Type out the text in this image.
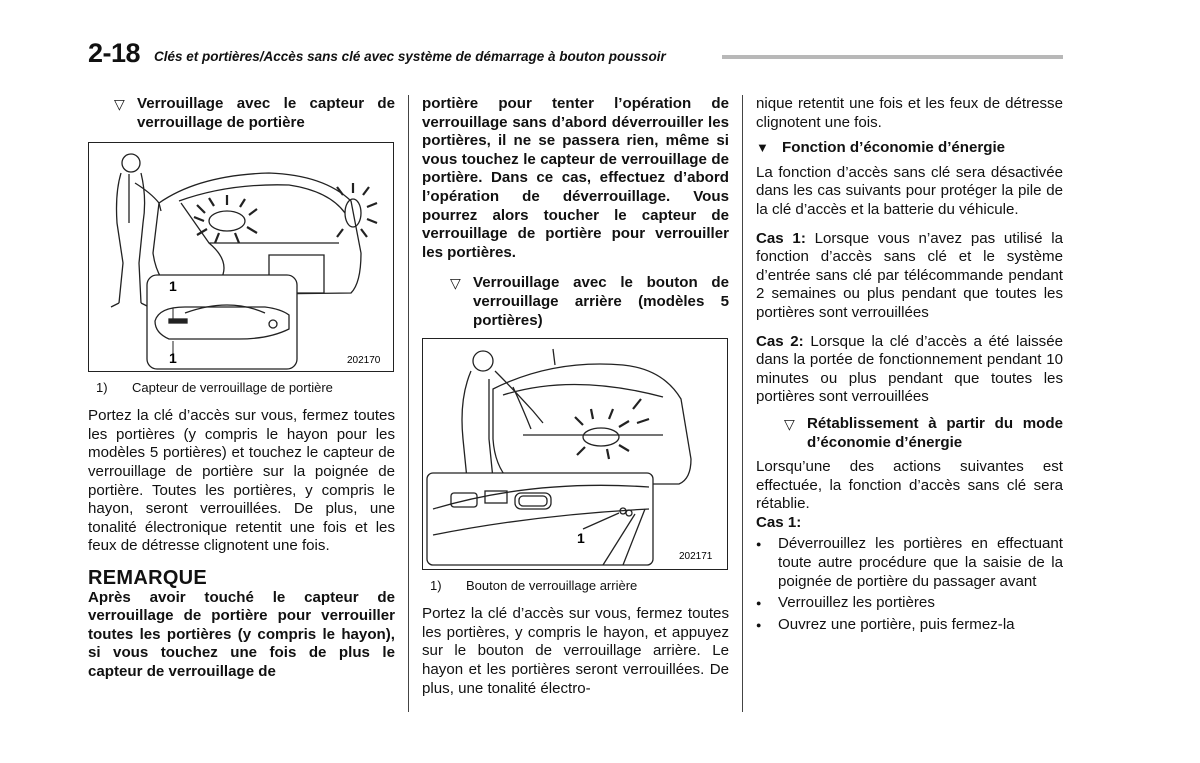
2-18 Clés et portières/Accès sans clé avec système de démarrage à bouton poussoir
▽ Verrouillage avec le capteur de verrouillage de portière
1
1	202170
1)	Capteur de verrouillage de portière

Portez la clé d’accès sur vous, fermez toutes les portières (y compris le hayon pour les modèles 5 portières) et touchez le capteur de verrouillage de portière sur la poignée de portière. Toutes les portières, y compris le hayon, seront verrouillées. De plus, une tonalité électronique retentit une fois et les feux de détresse clignotent une fois.

REMARQUE

Après avoir touché le capteur de verrouillage de portière pour verrouiller toutes les portières (y compris le hayon), si vous touchez une fois de plus le capteur de verrouillage de

portière pour tenter l’opération de verrouillage sans d’abord déverrouiller les portières, il ne se passera rien, même si vous touchez le capteur de verrouillage de portière. Dans ce cas, effectuez d’abord l’opération de déverrouillage. Vous pourrez alors toucher le capteur de verrouillage de portière pour verrouiller les portières.

▽ Verrouillage avec le bouton de verrouillage arrière (modèles 5 portières)
1
202171
1)	Bouton de verrouillage arrière

Portez la clé d’accès sur vous, fermez toutes les portières, y compris le hayon, et appuyez sur le bouton de verrouillage arrière. Le hayon et les portières seront verrouillées. De plus, une tonalité électro-

nique retentit une fois et les feux de détresse clignotent une fois.

▼ Fonction d’économie d’énergie

La fonction d’accès sans clé sera désactivée dans les cas suivants pour protéger la pile de la clé d’accès et la batterie du véhicule.

Cas 1: Lorsque vous n’avez pas utilisé la fonction d’accès sans clé et le système d’entrée sans clé par télécommande pendant 2 semaines ou plus pendant que toutes les portières sont verrouillées

Cas 2: Lorsque la clé d’accès a été laissée dans la portée de fonctionnement pendant 10 minutes ou plus pendant que toutes les portières sont verrouillées

▽ Rétablissement à partir du mode d’économie d’énergie

Lorsqu’une des actions suivantes est effectuée, la fonction d’accès sans clé sera rétablie.

Cas 1:

●	Déverrouillez les portières en effectuant toute autre procédure que la saisie de la poignée de portière du passager avant
●	Verrouillez les portières
●	Ouvrez une portière, puis fermez-la
